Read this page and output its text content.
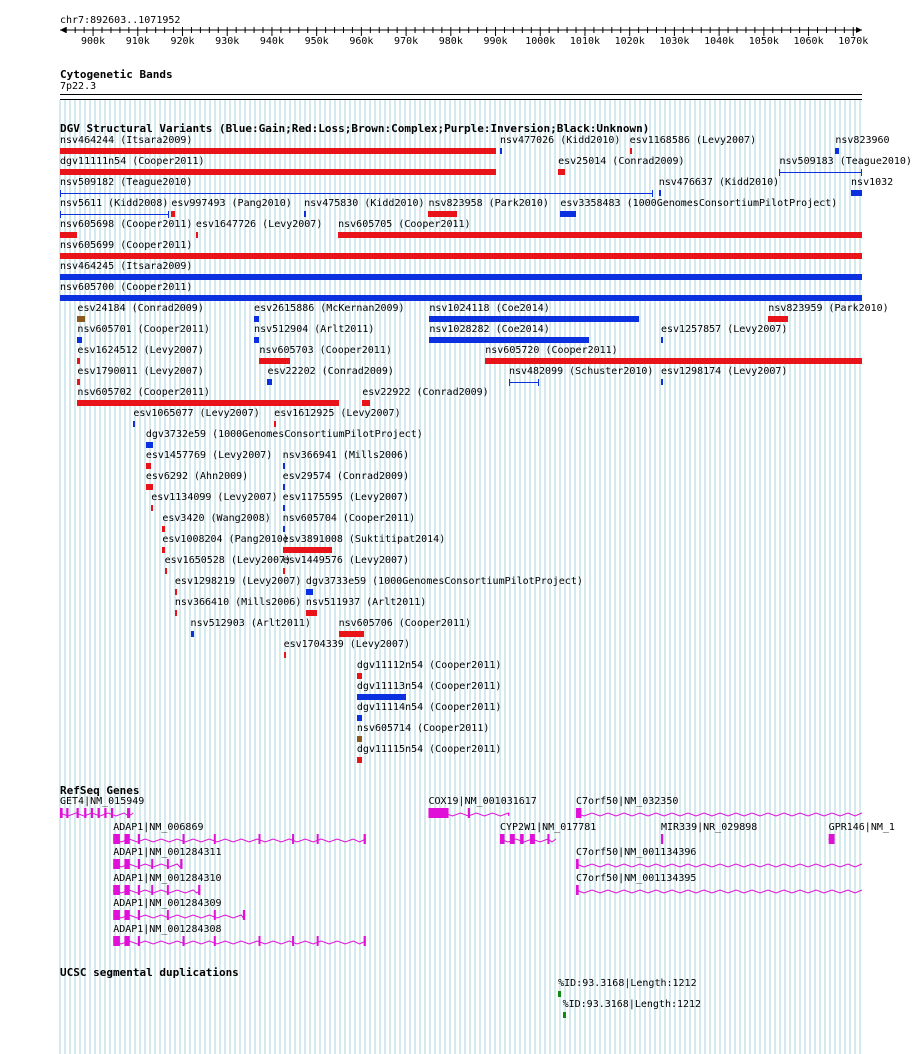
chr7:892603..1071952
900k 910k 920k 930k 940k 950k 960k 970k 980k 990k 1000k 1010k 1020k 1030k 1040k 1050k 1060k 1070k
Cytogenetic Bands
7p22.3
DGV Structural Variants (Blue:Gain;Red:Loss;Brown:Complex;Purple:Inversion;Black:Unknown)
nsv464244 (Itsara2009)	nsv477026 (Kidd2010) esv1168586 (Levy2007)	nsv823960
dgv11111n54 (Cooper2011)	esv25014 (Conrad2009)	nsv509183 (Teague2010)
nsv509182 (Teague2010)	nsv476637 (Kidd2010)	nsv1032
nsv5611 (Kidd2008) esv997493 (Pang2010) nsv475830 (Kidd2010) nsv823958 (Park2010) esv3358483 (1000GenomesConsortiumPilotProject)
nsv605698 (Cooper2011) esv1647726 (Levy2007) nsv605705 (Cooper2011)
nsv605699 (Cooper2011)
nsv464245 (Itsara2009)
nsv605700 (Cooper2011)
esv24184 (Conrad2009)	esv2615886 (McKernan2009) nsv1024118 (Coe2014)	nsv823959 (Park2010)
nsv605701 (Cooper2011)	nsv512904 (Arlt2011)	nsv1028282 (Coe2014)	esv1257857 (Levy2007)
esv1624512 (Levy2007)	nsv605703 (Cooper2011)	nsv605720 (Cooper2011)
esv1790011 (Levy2007)	esv22202 (Conrad2009)	nsv482099 (Schuster2010) esv1298174 (Levy2007)
nsv605702 (Cooper2011)	esv22922 (Conrad2009)
esv1065077 (Levy2007) esv1612925 (Levy2007)
dgv3732e59 (1000GenomesConsortiumPilotProject)
esv1457769 (Levy2007) nsv366941 (Mills2006)
esv6292 (Ahn2009)	esv29574 (Conrad2009)
esv1134099 (Levy2007) esv1175595 (Levy2007)
esv3420 (Wang2008) nsv605704 (Cooper2011)
esv1008204 (Pang2010)
esv3891008 (Suktitipat2014)
esv1650528 (Levy2007)
esv1449576 (Levy2007)
esv1298219 (Levy2007) dgv3733e59 (1000GenomesConsortiumPilotProject)
nsv366410 (Mills2006) nsv511937 (Arlt2011)
nsv512903 (Arlt2011)	nsv605706 (Cooper2011)
esv1704339 (Levy2007)
dgv11112n54 (Cooper2011)
dgv11113n54 (Cooper2011)
dgv11114n54 (Cooper2011)
nsv605714 (Cooper2011)
dgv11115n54 (Cooper2011)
RefSeq Genes
GET4|NM_015949	COX19|NM_001031617	C7orf50|NM_032350
ADAP1|NM_006869	CYP2W1|NM_017781	MIR339|NR_029898	GPR146|NM_1
ADAP1|NM_001284311	C7orf50|NM_001134396
ADAP1|NM_001284310	C7orf50|NM_001134395
ADAP1|NM_001284309
ADAP1|NM_001284308
UCSC segmental duplications
%ID:93.3168|Length:1212
%ID:93.3168|Length:1212
